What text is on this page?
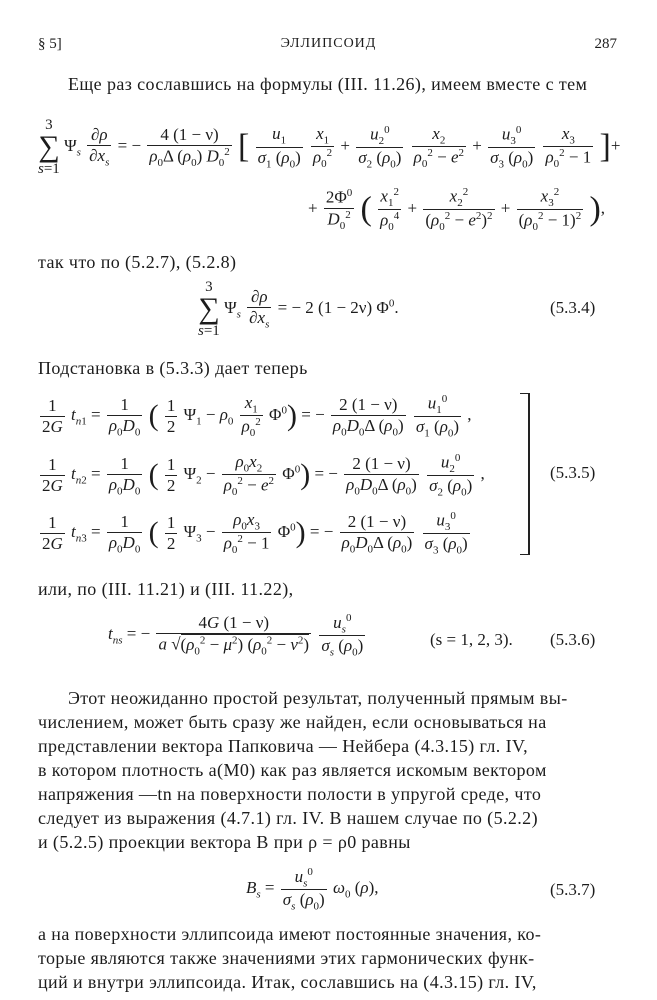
§ 5]	ЭЛЛИПСОИД	287
Еще раз сославшись на формулы (III. 11.26), имеем вместе с тем
3
∑
s=1
$\Psi_s \frac{\partial\rho}{\partial x_s}$ = − $\frac{4 (1 - \nu)}{\rho_0\Delta (\rho_0) D_0^2}$ [ $\frac{u_1}{\sigma_1 (\rho_0)}$
$\frac{x_1}{\rho_0^2} + \frac{u_2^0}{\sigma_2 (\rho_0)}$
$\frac{x_2}{\rho_0^2 - e^2} + \frac{u_3^0}{\sigma_3 (\rho_0)}$
$\frac{x_3}{\rho_0^2 - 1}$ ]+
+ $\frac{2\Phi^0}{D_0^2}$ ( $\frac{x_1^2}{\rho_0^4} + \frac{x_2^2}{(\rho_0^2 - e^2)^2} + \frac{x_3^2}{(\rho_0^2 - 1)^2}$ ),
так что по (5.2.7), (5.2.8)
3
∑
s=1
$\Psi_s \frac{\partial\rho}{\partial x_s}$ = − 2 (1 − 2ν) $\Phi^0$.	(5.3.4)
Подстановка в (5.3.3) дает теперь
$\frac{1}{2G} t_{n1} = \frac{1}{\rho_0D_0}$ ( $\frac{1}{2} \Psi_1 - \rho_0 \frac{x_1}{\rho_0^2} \Phi^0$) = − $\frac{2 (1 - \nu)}{\rho_0D_0\Delta (\rho_0)}$
$\frac{u_1^0}{\sigma_1 (\rho_0)}$ ,
$\frac{1}{2G} t_{n2} = \frac{1}{\rho_0D_0}$ ( $\frac{1}{2} \Psi_2 - \frac{\rho_0x_2}{\rho_0^2 - e^2} \Phi^0$) = − $\frac{2 (1 - \nu)}{\rho_0D_0\Delta (\rho_0)}$
$\frac{u_2^0}{\sigma_2 (\rho_0)}$ ,
$\frac{1}{2G} t_{n3} = \frac{1}{\rho_0D_0}$ ( $\frac{1}{2} \Psi_3 - \frac{\rho_0x_3}{\rho_0^2 - 1} \Phi^0$) = − $\frac{2 (1 - \nu)}{\rho_0D_0\Delta (\rho_0)}$
$\frac{u_3^0}{\sigma_3 (\rho_0)}$
(5.3.5)
или, по (III. 11.21) и (III. 11.22),
$t_{ns}$ = − $\frac{4G (1 - \nu)}{a √(\rho_0^2 - \mu^2) (\rho_0^2 - \nu^2)}$
$\frac{u_s^0}{\sigma_s (\rho_0)}$	(s = 1, 2, 3). (5.3.6)
Этот неожиданно простой результат, полученный прямым вы-
числением, может быть сразу же найден, если основываться на
представлении вектора Папковича — Нейбера (4.3.15) гл. IV,
в котором плотность a(M0) как раз является искомым вектором
напряжения —tn на поверхности полости в упругой среде, что
следует из выражения (4.7.1) гл. IV. В нашем случае по (5.2.2)
и (5.2.5) проекции вектора B при ρ = ρ0 равны
$B_s = \frac{u_s^0}{\sigma_s (\rho_0)} \omega_0$ (ρ),	(5.3.7)
а на поверхности эллипсоида имеют постоянные значения, ко-
торые являются также значениями этих гармонических функ-
ций и внутри эллипсоида. Итак, сославшись на (4.3.15) гл. IV,
